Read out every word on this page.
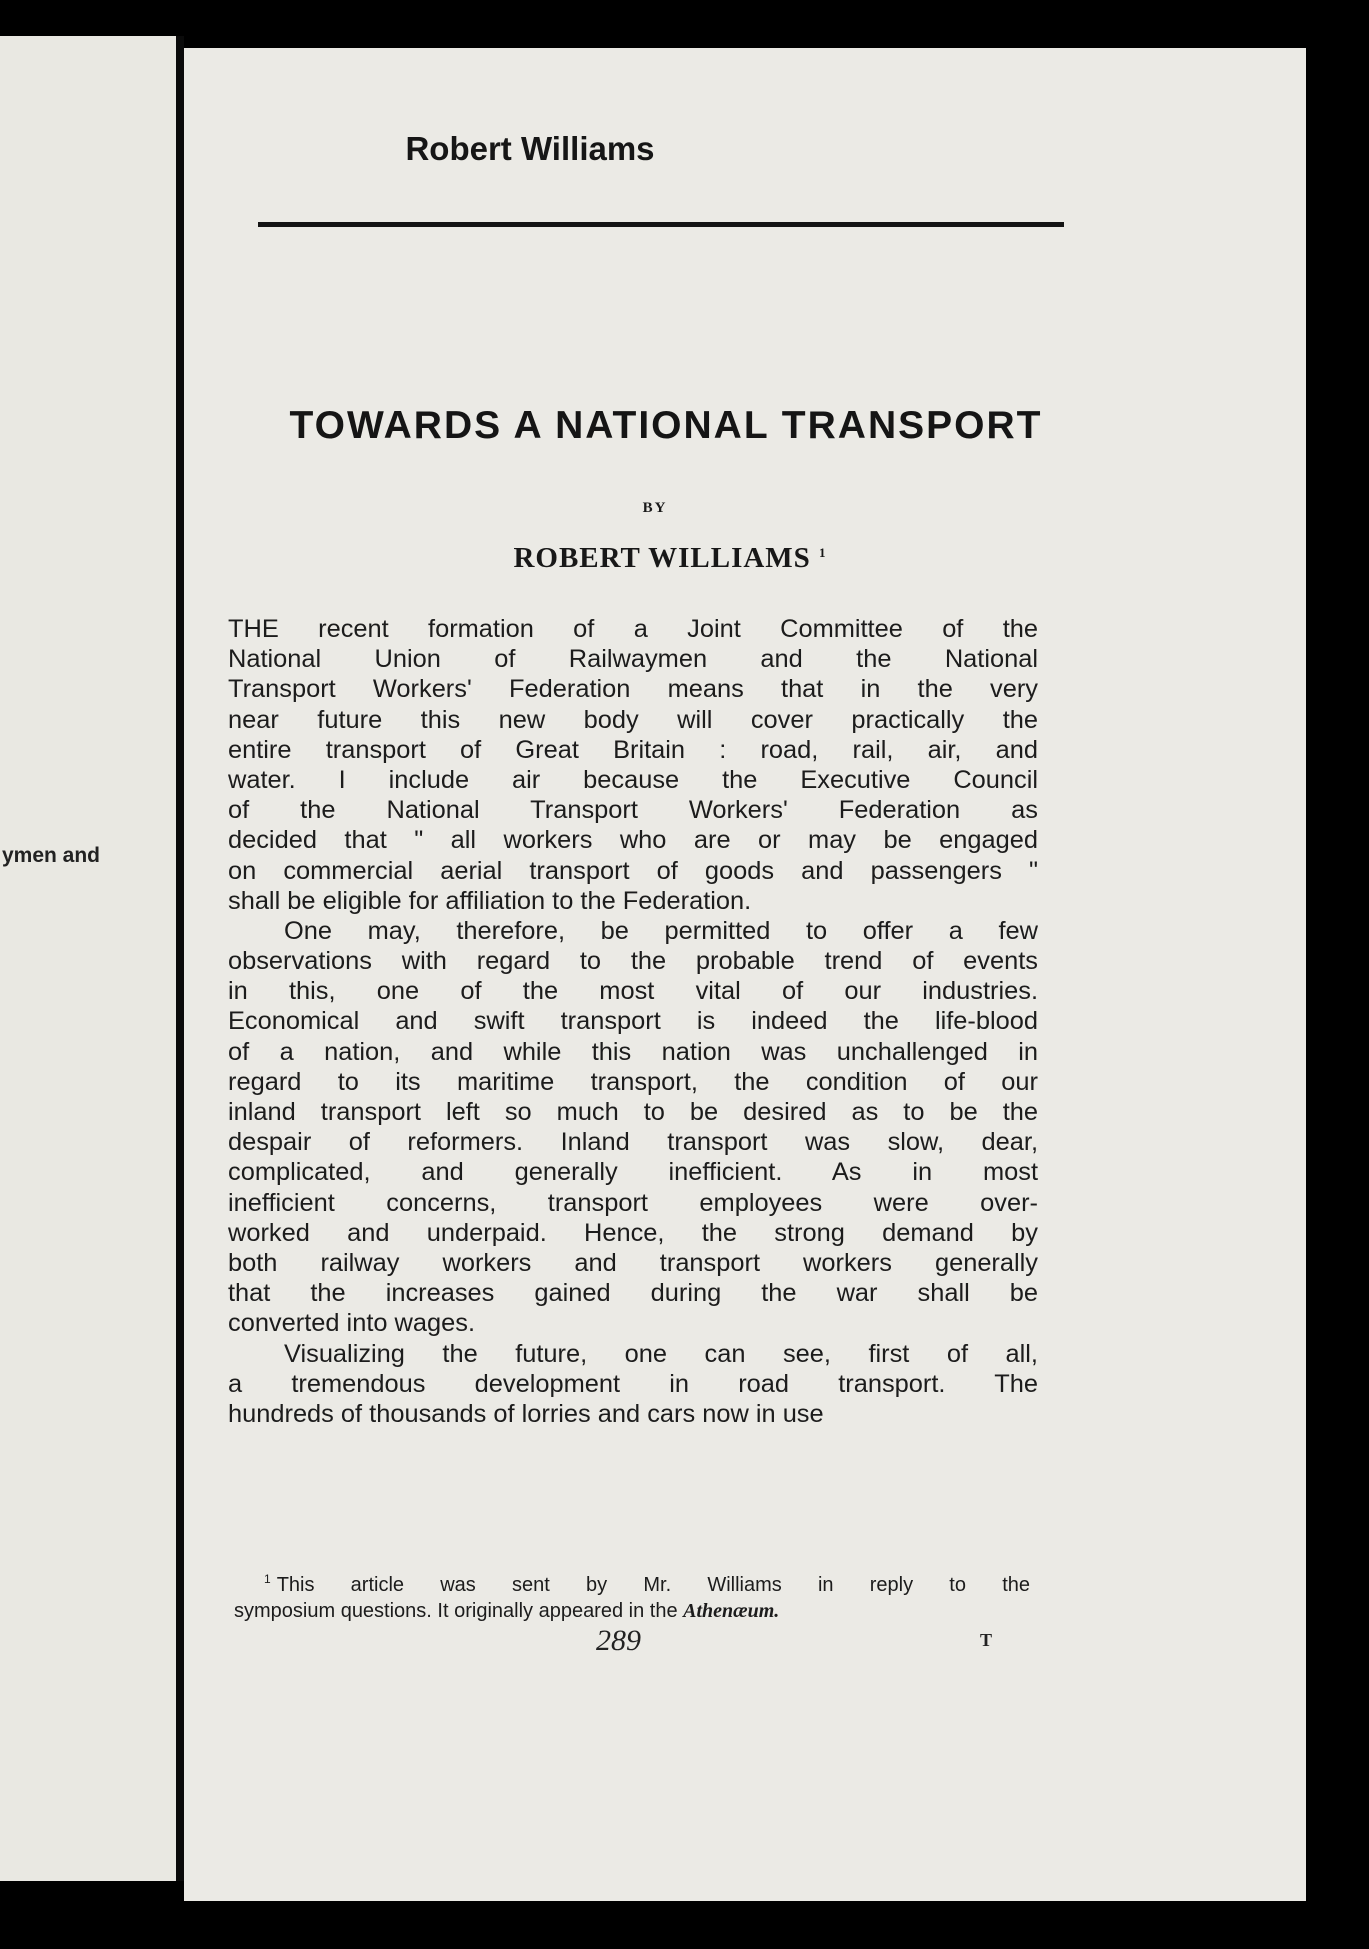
ymen and
Robert Williams
TOWARDS A NATIONAL TRANSPORT
BY
ROBERT WILLIAMS $^1$
THE recent formation of a Joint Committee of the
National Union of Railwaymen and the National
Transport Workers' Federation means that in the very
near future this new body will cover practically the
entire transport of Great Britain : road, rail, air, and
water. I include air because the Executive Council
of the National Transport Workers' Federation as
decided that " all workers who are or may be engaged
on commercial aerial transport of goods and passengers "
shall be eligible for affiliation to the Federation.
One may, therefore, be permitted to offer a few
observations with regard to the probable trend of events
in this, one of the most vital of our industries.
Economical and swift transport is indeed the life-blood
of a nation, and while this nation was unchallenged in
regard to its maritime transport, the condition of our
inland transport left so much to be desired as to be the
despair of reformers. Inland transport was slow, dear,
complicated, and generally inefficient. As in most
inefficient concerns, transport employees were over-
worked and underpaid. Hence, the strong demand by
both railway workers and transport workers generally
that the increases gained during the war shall be
converted into wages.
Visualizing the future, one can see, first of all,
a tremendous development in road transport. The
hundreds of thousands of lorries and cars now in use
$^1$ This article was sent by Mr. Williams in reply to the
symposium questions. It originally appeared in the Athenæum.
289	T
